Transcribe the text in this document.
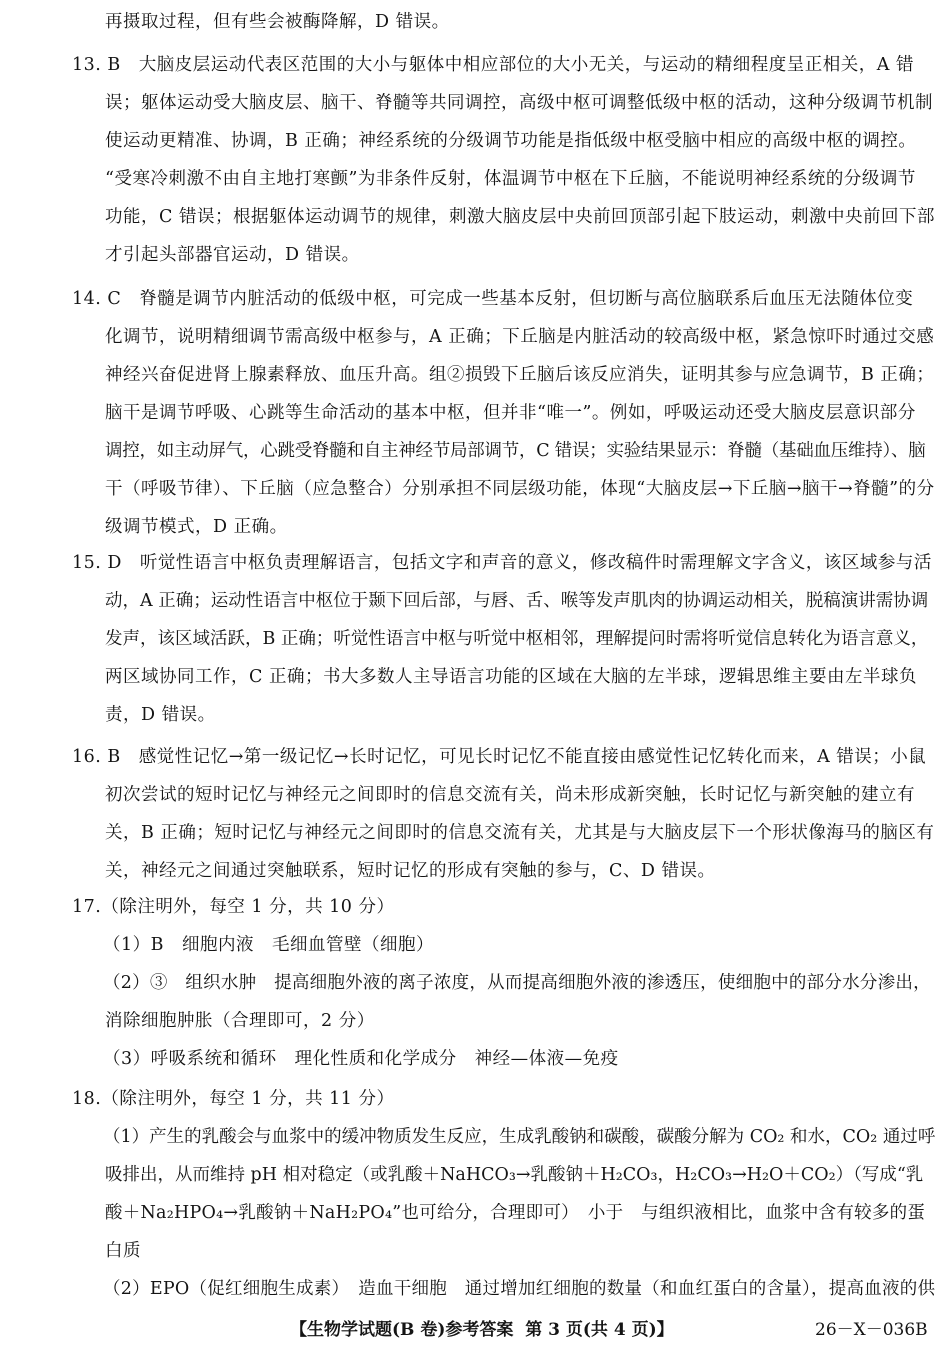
再摄取过程，但有些会被酶降解，D 错误。
13. B　大脑皮层运动代表区范围的大小与躯体中相应部位的大小无关，与运动的精细程度呈正相关，A 错
误；躯体运动受大脑皮层、脑干、脊髓等共同调控，高级中枢可调整低级中枢的活动，这种分级调节机制
使运动更精准、协调，B 正确；神经系统的分级调节功能是指低级中枢受脑中相应的高级中枢的调控。
“受寒冷刺激不由自主地打寒颤”为非条件反射，体温调节中枢在下丘脑，不能说明神经系统的分级调节
功能，C 错误；根据躯体运动调节的规律，刺激大脑皮层中央前回顶部引起下肢运动，刺激中央前回下部
才引起头部器官运动，D 错误。
14. C　脊髓是调节内脏活动的低级中枢，可完成一些基本反射，但切断与高位脑联系后血压无法随体位变
化调节，说明精细调节需高级中枢参与，A 正确；下丘脑是内脏活动的较高级中枢，紧急惊吓时通过交感
神经兴奋促进肾上腺素释放、血压升高。组②损毁下丘脑后该反应消失，证明其参与应急调节，B 正确；
脑干是调节呼吸、心跳等生命活动的基本中枢，但并非“唯一”。例如，呼吸运动还受大脑皮层意识部分
调控，如主动屏气，心跳受脊髓和自主神经节局部调节，C 错误；实验结果显示：脊髓（基础血压维持）、脑
干（呼吸节律）、下丘脑（应急整合）分别承担不同层级功能，体现“大脑皮层→下丘脑→脑干→脊髓”的分
级调节模式，D 正确。
15. D　听觉性语言中枢负责理解语言，包括文字和声音的意义，修改稿件时需理解文字含义，该区域参与活
动，A 正确；运动性语言中枢位于颞下回后部，与唇、舌、喉等发声肌肉的协调运动相关，脱稿演讲需协调
发声，该区域活跃，B 正确；听觉性语言中枢与听觉中枢相邻，理解提问时需将听觉信息转化为语言意义，
两区域协同工作，C 正确；书大多数人主导语言功能的区域在大脑的左半球，逻辑思维主要由左半球负
责，D 错误。
16. B　感觉性记忆→第一级记忆→长时记忆，可见长时记忆不能直接由感觉性记忆转化而来，A 错误；小鼠
初次尝试的短时记忆与神经元之间即时的信息交流有关，尚未形成新突触，长时记忆与新突触的建立有
关，B 正确；短时记忆与神经元之间即时的信息交流有关，尤其是与大脑皮层下一个形状像海马的脑区有
关，神经元之间通过突触联系，短时记忆的形成有突触的参与，C、D 错误。
17.（除注明外，每空 1 分，共 10 分）
（1）B　细胞内液　毛细血管壁（细胞）
（2）③　组织水肿　提高细胞外液的离子浓度，从而提高细胞外液的渗透压，使细胞中的部分水分渗出，
消除细胞肿胀（合理即可，2 分）
（3）呼吸系统和循环　理化性质和化学成分　神经—体液—免疫
18.（除注明外，每空 1 分，共 11 分）
（1）产生的乳酸会与血浆中的缓冲物质发生反应，生成乳酸钠和碳酸，碳酸分解为 CO₂ 和水，CO₂ 通过呼
吸排出，从而维持 pH 相对稳定（或乳酸＋NaHCO₃→乳酸钠＋H₂CO₃，H₂CO₃→H₂O＋CO₂）（写成“乳
酸＋Na₂HPO₄→乳酸钠＋NaH₂PO₄”也可给分，合理即可）　小于　与组织液相比，血浆中含有较多的蛋
白质
（2）EPO（促红细胞生成素）　造血干细胞　通过增加红细胞的数量（和血红蛋白的含量），提高血液的供
【生物学试题(B 卷)参考答案 第 3 页(共 4 页)】	26－X－036B
